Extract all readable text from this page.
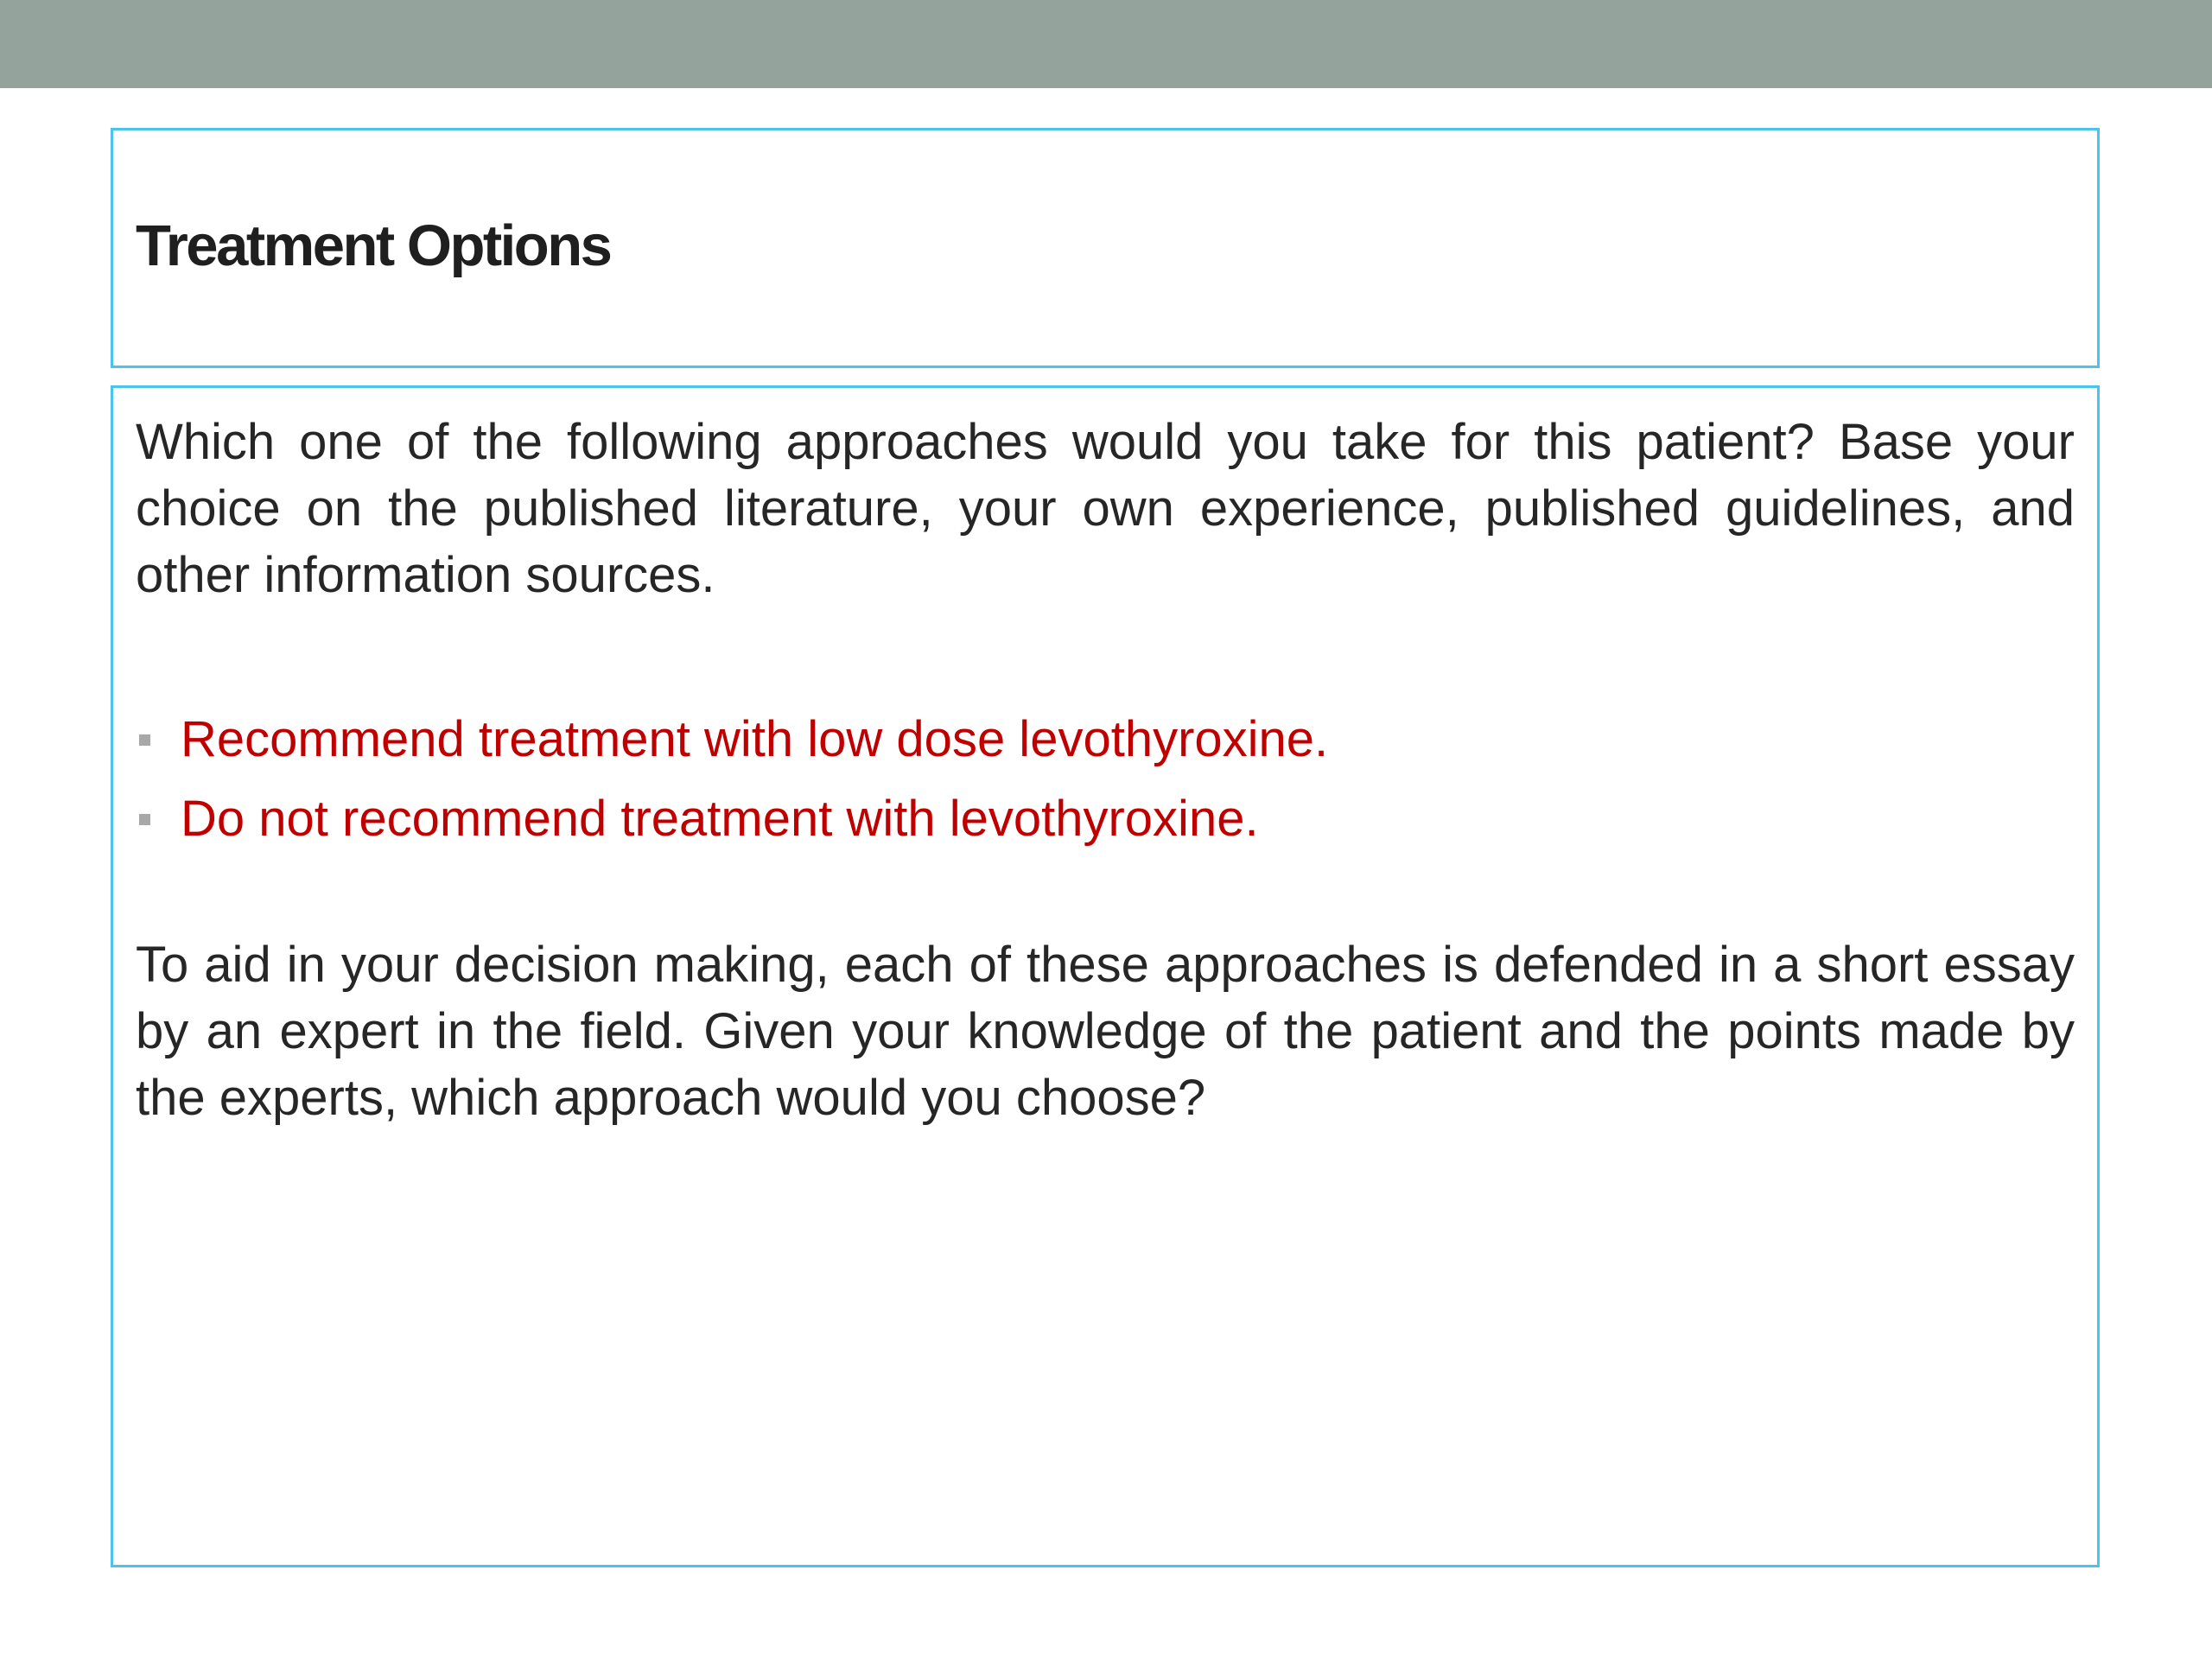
Treatment Options

Which one of the following approaches would you take for this patient? Base your choice on the published literature, your own experience, published guidelines, and other information sources.

Recommend treatment with low dose levothyroxine.
Do not recommend treatment with levothyroxine.

To aid in your decision making, each of these approaches is defended in a short essay by an expert in the field. Given your knowledge of the patient and the points made by the experts, which approach would you choose?
